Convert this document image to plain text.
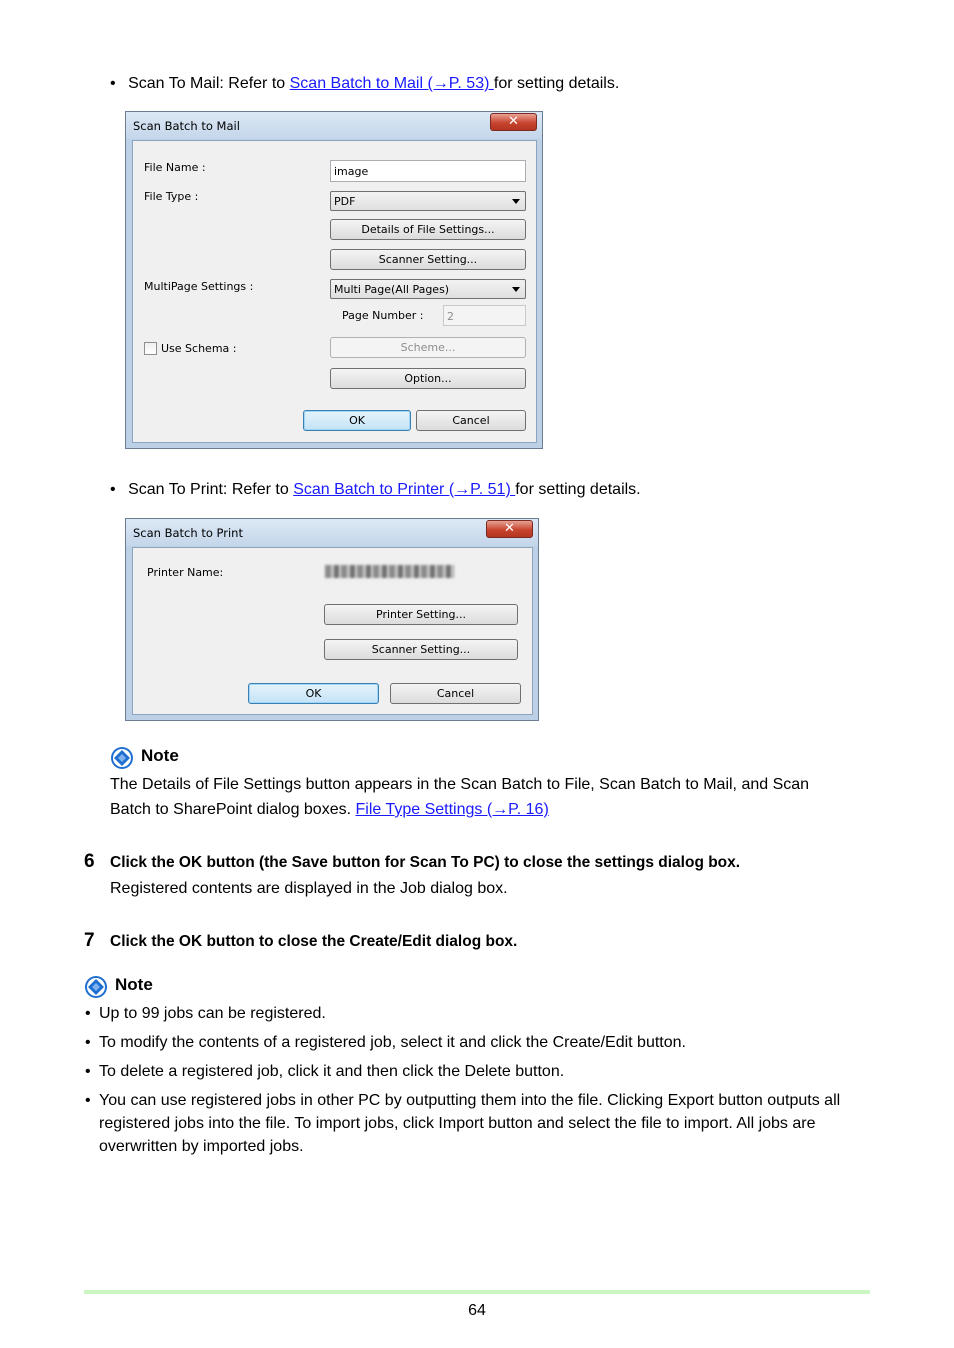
• Scan To Mail: Refer to Scan Batch to Mail (→P. 53) for setting details.
Scan Batch to Mail	✕
File Name :	image
File Type :	PDF
Details of File Settings...
Scanner Setting...
MultiPage Settings :	Multi Page(All Pages)
Page Number :	2
Use Schema :	Scheme...
Option...
OK	Cancel
• Scan To Print: Refer to Scan Batch to Printer (→P. 51) for setting details.
Scan Batch to Print	✕
Printer Name:
Printer Setting...
Scanner Setting...
OK	Cancel
Note
The Details of File Settings button appears in the Scan Batch to File, Scan Batch to Mail, and Scan
Batch to SharePoint dialog boxes. File Type Settings (→P. 16)
6 Click the OK button (the Save button for Scan To PC) to close the settings dialog box.
Registered contents are displayed in the Job dialog box.
7 Click the OK button to close the Create/Edit dialog box.
Note
• Up to 99 jobs can be registered.
• To modify the contents of a registered job, select it and click the Create/Edit button.
• To delete a registered job, click it and then click the Delete button.
• You can use registered jobs in other PC by outputting them into the file. Clicking Export button outputs all registered jobs into the file. To import jobs, click Import button and select the file to import. All jobs are overwritten by imported jobs.
64
